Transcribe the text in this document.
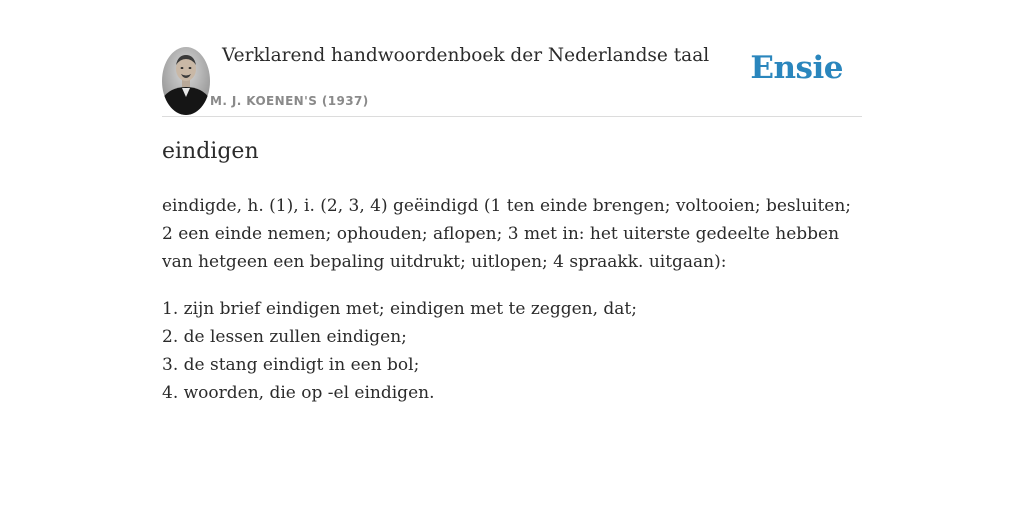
Verklarend handwoordenboek der Nederlandse taal
M. J. KOENEN'S (1937)
Ensie
eindigen

eindigde, h. (1), i. (2, 3, 4) geëindigd (1 ten einde brengen; voltooien; besluiten; 2 een einde nemen; ophouden; aflopen; 3 met in: het uiterste gedeelte hebben van hetgeen een bepaling uitdrukt; uitlopen; 4 spraakk. uitgaan):

1. zijn brief eindigen met; eindigen met te zeggen, dat;
2. de lessen zullen eindigen;
3. de stang eindigt in een bol;
4. woorden, die op -el eindigen.
